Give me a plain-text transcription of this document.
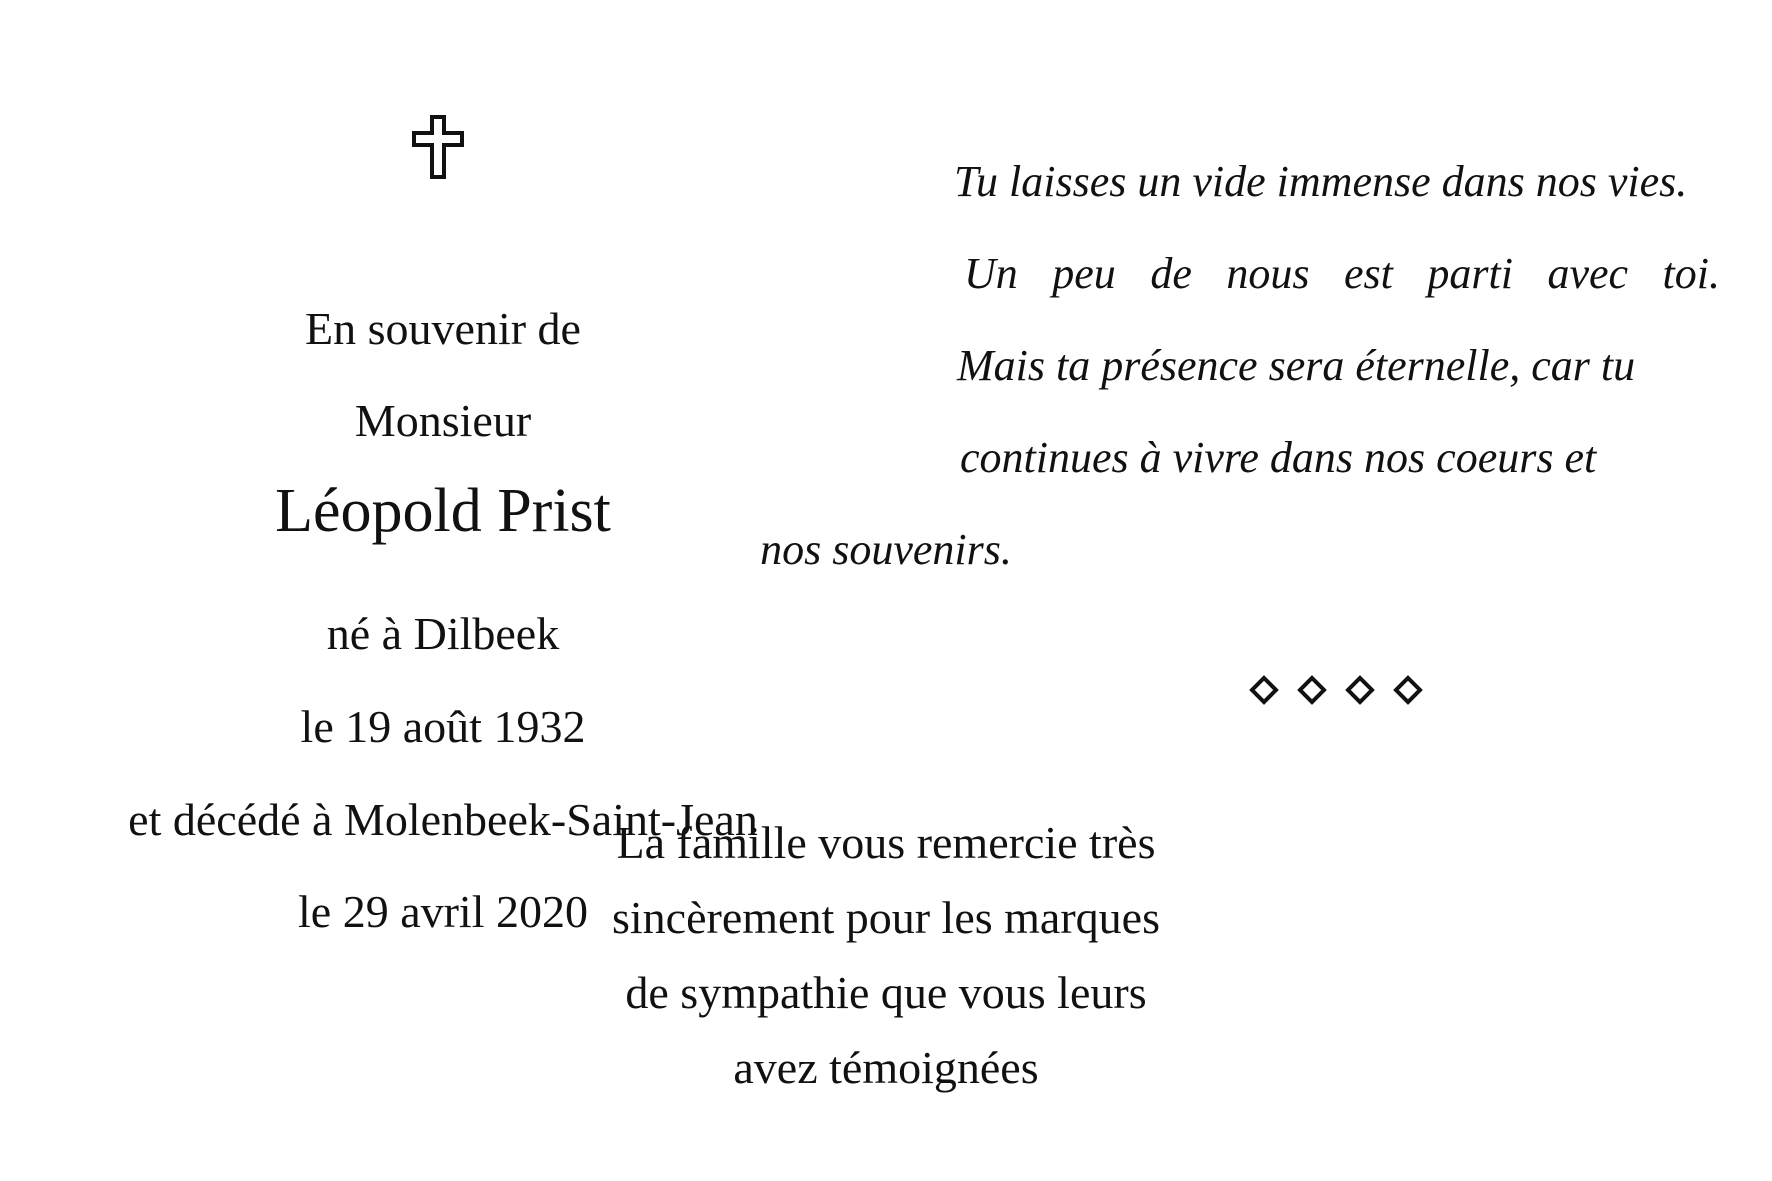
En souvenir de
Monsieur
Léopold Prist
né à Dilbeek
le 19 août 1932
et décédé à Molenbeek-Saint-Jean
le 29 avril 2020
Tu laisses un vide immense dans nos vies.
Un peu de nous est parti avec toi.
Mais ta présence sera éternelle, car tu
continues à vivre dans nos coeurs et
nos souvenirs.
La famille vous remercie très
sincèrement pour les marques
de sympathie que vous leurs
avez témoignées
